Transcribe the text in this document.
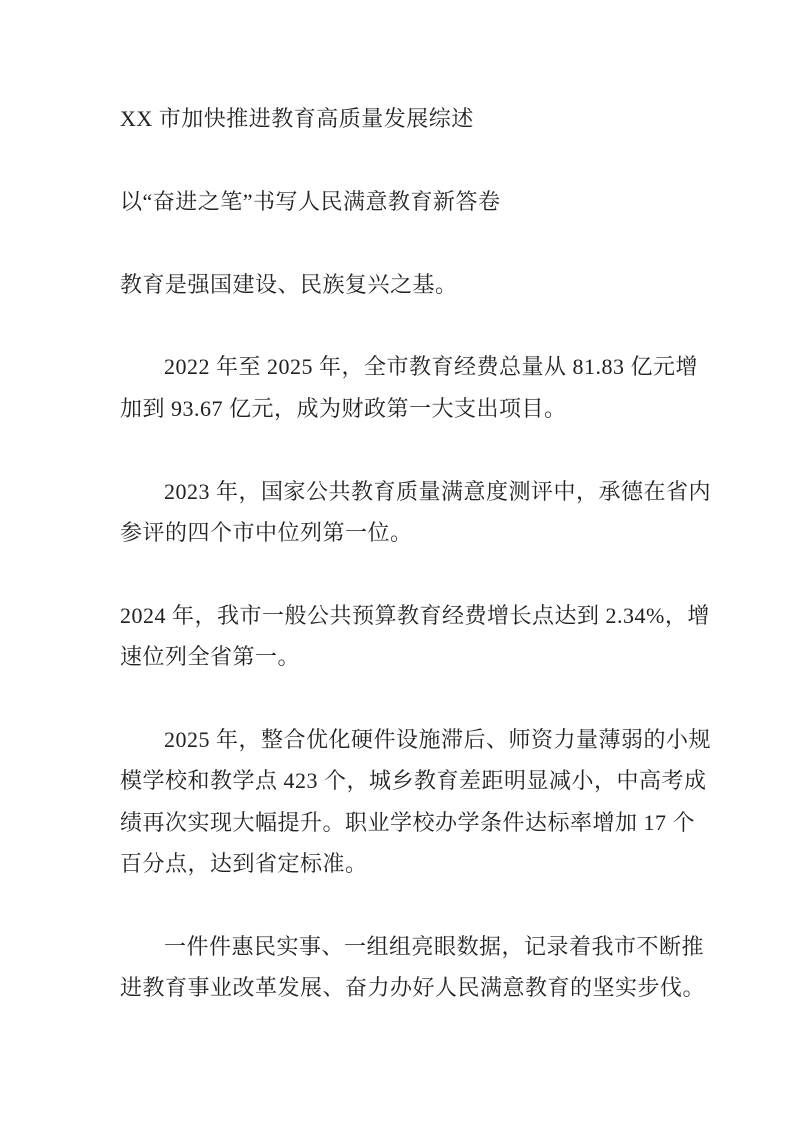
XX 市加快推进教育高质量发展综述
以“奋进之笔”书写人民满意教育新答卷
教育是强国建设、民族复兴之基。
2022 年至 2025 年，全市教育经费总量从 81.83 亿元增
加到 93.67 亿元，成为财政第一大支出项目。
2023 年，国家公共教育质量满意度测评中，承德在省内
参评的四个市中位列第一位。
2024 年，我市一般公共预算教育经费增长点达到 2.34%，增
速位列全省第一。
2025 年，整合优化硬件设施滞后、师资力量薄弱的小规
模学校和教学点 423 个，城乡教育差距明显减小，中高考成
绩再次实现大幅提升。职业学校办学条件达标率增加 17 个
百分点，达到省定标准。
一件件惠民实事、一组组亮眼数据，记录着我市不断推
进教育事业改革发展、奋力办好人民满意教育的坚实步伐。
